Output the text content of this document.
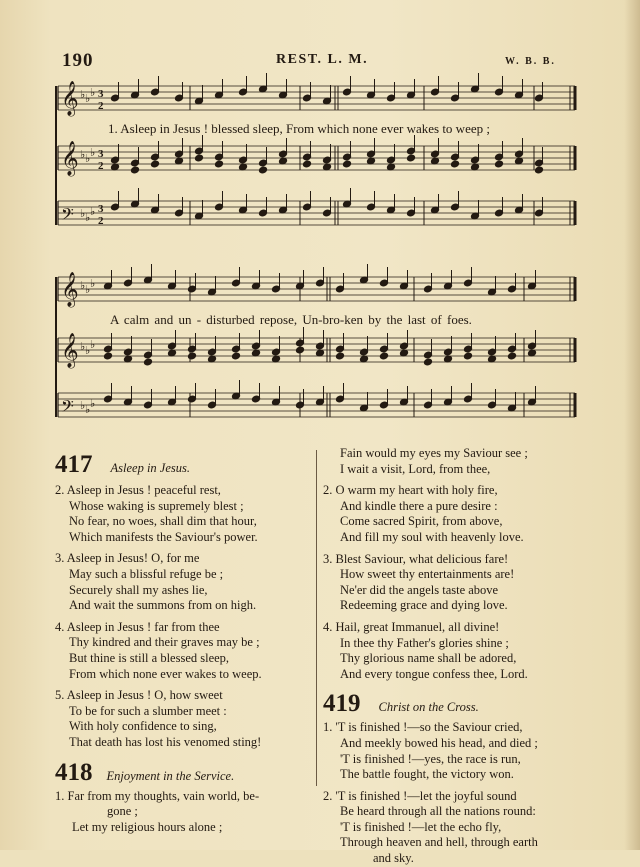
190	REST. L. M.	W. B. B.
𝄞 ♭ ♭ ♭ 3
2
𝄞 ♭ ♭ ♭ 3
2
𝄢 ♭ ♭ ♭ 3
2
𝄞 ♭ ♭ ♭
𝄞 ♭ ♭ ♭
𝄢 ♭ ♭ ♭
1. Asleep in Jesus ! blessed sleep, From which none ever wakes to weep ;
A calm and un - disturbed repose, Un-bro-ken by the last of foes.
417 Asleep in Jesus.
2. Asleep in Jesus ! peaceful rest,
Whose waking is supremely blest ;
No fear, no woes, shall dim that hour,
Which manifests the Saviour's power.
3. Asleep in Jesus! O, for me
May such a blissful refuge be ;
Securely shall my ashes lie,
And wait the summons from on high.
4. Asleep in Jesus ! far from thee
Thy kindred and their graves may be ;
But thine is still a blessed sleep,
From which none ever wakes to weep.
5. Asleep in Jesus ! O, how sweet
To be for such a slumber meet :
With holy confidence to sing,
That death has lost his venomed sting!
418 Enjoyment in the Service.
1. Far from my thoughts, vain world, be-
gone ;
Let my religious hours alone ;
Fain would my eyes my Saviour see ;
I wait a visit, Lord, from thee,
2. O warm my heart with holy fire,
And kindle there a pure desire :
Come sacred Spirit, from above,
And fill my soul with heavenly love.
3. Blest Saviour, what delicious fare!
How sweet thy entertainments are!
Ne'er did the angels taste above
Redeeming grace and dying love.
4. Hail, great Immanuel, all divine!
In thee thy Father's glories shine ;
Thy glorious name shall be adored,
And every tongue confess thee, Lord.
419 Christ on the Cross.
1. 'T is finished !—so the Saviour cried,
And meekly bowed his head, and died ;
'T is finished !—yes, the race is run,
The battle fought, the victory won.
2. 'T is finished !—let the joyful sound
Be heard through all the nations round:
'T is finished !—let the echo fly,
Through heaven and hell, through earth
and sky.
